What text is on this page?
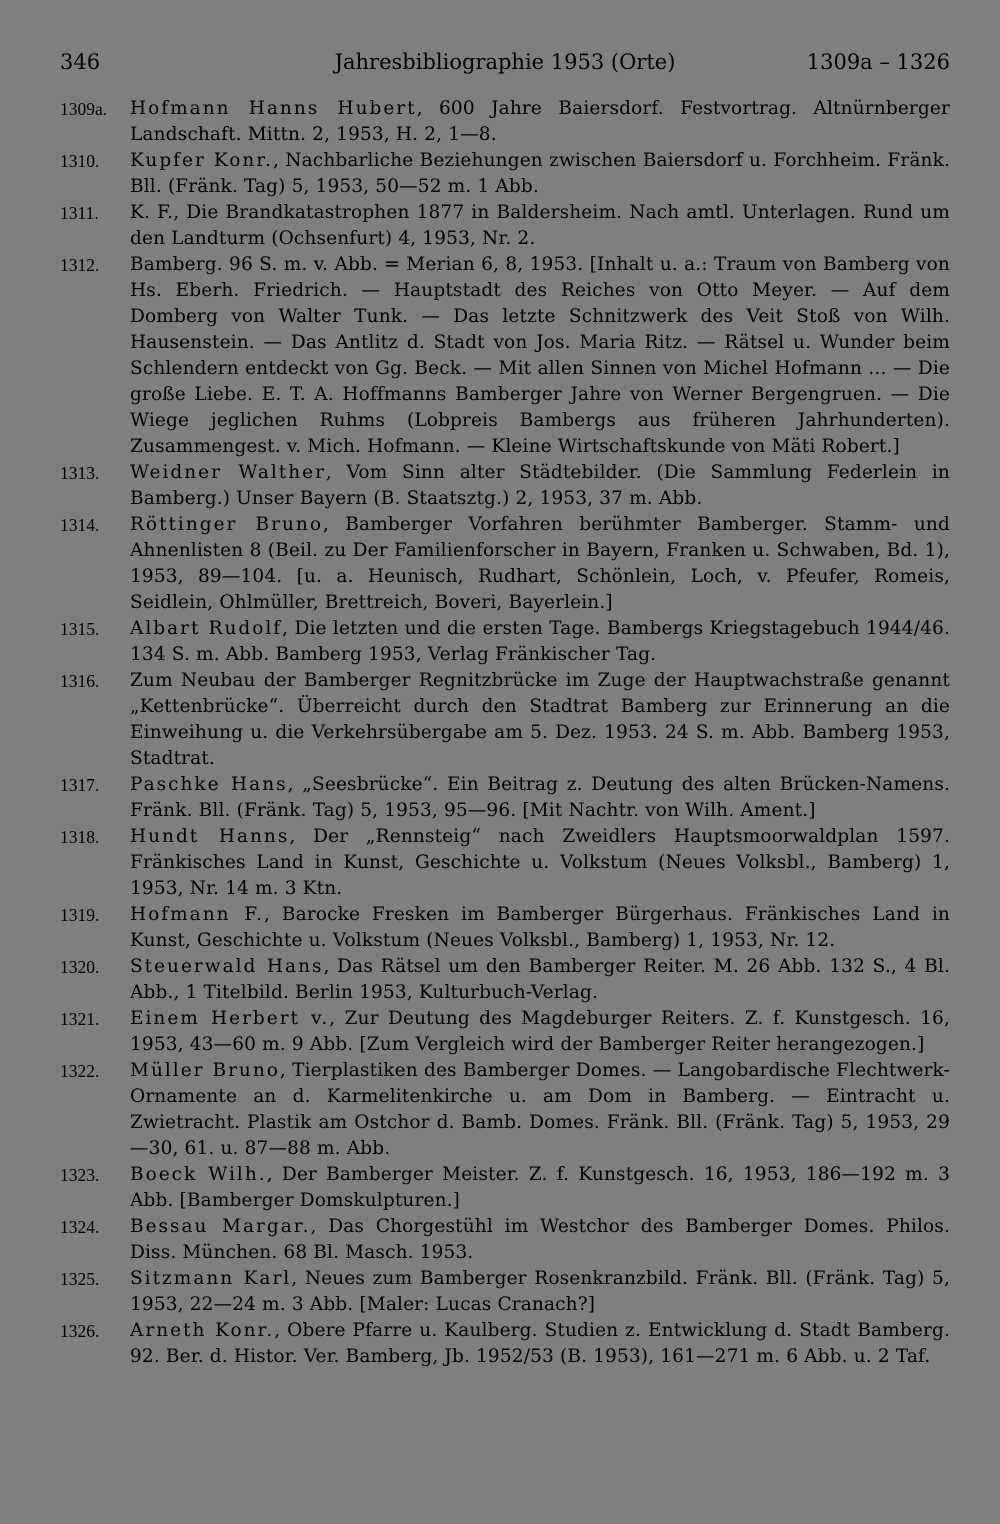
346	Jahresbibliographie 1953 (Orte)	1309a – 1326
1309a.	Hofmann Hanns Hubert, 600 Jahre Baiersdorf. Festvortrag. Altnürnberger Landschaft. Mittn. 2, 1953, H. 2, 1—8.
1310.	Kupfer Konr., Nachbarliche Beziehungen zwischen Baiersdorf u. Forchheim. Fränk. Bll. (Fränk. Tag) 5, 1953, 50—52 m. 1 Abb.
1311.	K. F., Die Brandkatastrophen 1877 in Baldersheim. Nach amtl. Unterlagen. Rund um den Landturm (Ochsenfurt) 4, 1953, Nr. 2.
1312.	Bamberg. 96 S. m. v. Abb. = Merian 6, 8, 1953. [Inhalt u. a.: Traum von Bamberg von Hs. Eberh. Friedrich. — Hauptstadt des Reiches von Otto Meyer. — Auf dem Domberg von Walter Tunk. — Das letzte Schnitzwerk des Veit Stoß von Wilh. Hausenstein. — Das Antlitz d. Stadt von Jos. Maria Ritz. — Rätsel u. Wunder beim Schlendern entdeckt von Gg. Beck. — Mit allen Sinnen von Michel Hofmann ... — Die große Liebe. E. T. A. Hoffmanns Bamberger Jahre von Werner Bergengruen. — Die Wiege jeglichen Ruhms (Lobpreis Bambergs aus früheren Jahrhunderten). Zusammengest. v. Mich. Hofmann. — Kleine Wirtschaftskunde von Mäti Robert.]
1313.	Weidner Walther, Vom Sinn alter Städtebilder. (Die Sammlung Federlein in Bamberg.) Unser Bayern (B. Staatsztg.) 2, 1953, 37 m. Abb.
1314.	Röttinger Bruno, Bamberger Vorfahren berühmter Bamberger. Stamm- und Ahnenlisten 8 (Beil. zu Der Familienforscher in Bayern, Franken u. Schwaben, Bd. 1), 1953, 89—104. [u. a. Heunisch, Rudhart, Schönlein, Loch, v. Pfeufer, Romeis, Seidlein, Ohlmüller, Brettreich, Boveri, Bayerlein.]
1315.	Albart Rudolf, Die letzten und die ersten Tage. Bambergs Kriegstagebuch 1944/46. 134 S. m. Abb. Bamberg 1953, Verlag Fränkischer Tag.
1316.	Zum Neubau der Bamberger Regnitzbrücke im Zuge der Hauptwachstraße genannt „Kettenbrücke“. Überreicht durch den Stadtrat Bamberg zur Erinnerung an die Einweihung u. die Verkehrsübergabe am 5. Dez. 1953. 24 S. m. Abb. Bamberg 1953, Stadtrat.
1317.	Paschke Hans, „Seesbrücke“. Ein Beitrag z. Deutung des alten Brücken-Namens. Fränk. Bll. (Fränk. Tag) 5, 1953, 95—96. [Mit Nachtr. von Wilh. Ament.]
1318.	Hundt Hanns, Der „Rennsteig“ nach Zweidlers Hauptsmoorwaldplan 1597. Fränkisches Land in Kunst, Geschichte u. Volkstum (Neues Volksbl., Bamberg) 1, 1953, Nr. 14 m. 3 Ktn.
1319.	Hofmann F., Barocke Fresken im Bamberger Bürgerhaus. Fränkisches Land in Kunst, Geschichte u. Volkstum (Neues Volksbl., Bamberg) 1, 1953, Nr. 12.
1320.	Steuerwald Hans, Das Rätsel um den Bamberger Reiter. M. 26 Abb. 132 S., 4 Bl. Abb., 1 Titelbild. Berlin 1953, Kulturbuch-Verlag.
1321.	Einem Herbert v., Zur Deutung des Magdeburger Reiters. Z. f. Kunstgesch. 16, 1953, 43—60 m. 9 Abb. [Zum Vergleich wird der Bamberger Reiter herangezogen.]
1322.	Müller Bruno, Tierplastiken des Bamberger Domes. — Langobardische Flechtwerk-Ornamente an d. Karmelitenkirche u. am Dom in Bamberg. — Eintracht u. Zwietracht. Plastik am Ostchor d. Bamb. Domes. Fränk. Bll. (Fränk. Tag) 5, 1953, 29—30, 61. u. 87—88 m. Abb.
1323.	Boeck Wilh., Der Bamberger Meister. Z. f. Kunstgesch. 16, 1953, 186—192 m. 3 Abb. [Bamberger Domskulpturen.]
1324.	Bessau Margar., Das Chorgestühl im Westchor des Bamberger Domes. Philos. Diss. München. 68 Bl. Masch. 1953.
1325.	Sitzmann Karl, Neues zum Bamberger Rosenkranzbild. Fränk. Bll. (Fränk. Tag) 5, 1953, 22—24 m. 3 Abb. [Maler: Lucas Cranach?]
1326.	Arneth Konr., Obere Pfarre u. Kaulberg. Studien z. Entwicklung d. Stadt Bamberg. 92. Ber. d. Histor. Ver. Bamberg, Jb. 1952/53 (B. 1953), 161—271 m. 6 Abb. u. 2 Taf.
